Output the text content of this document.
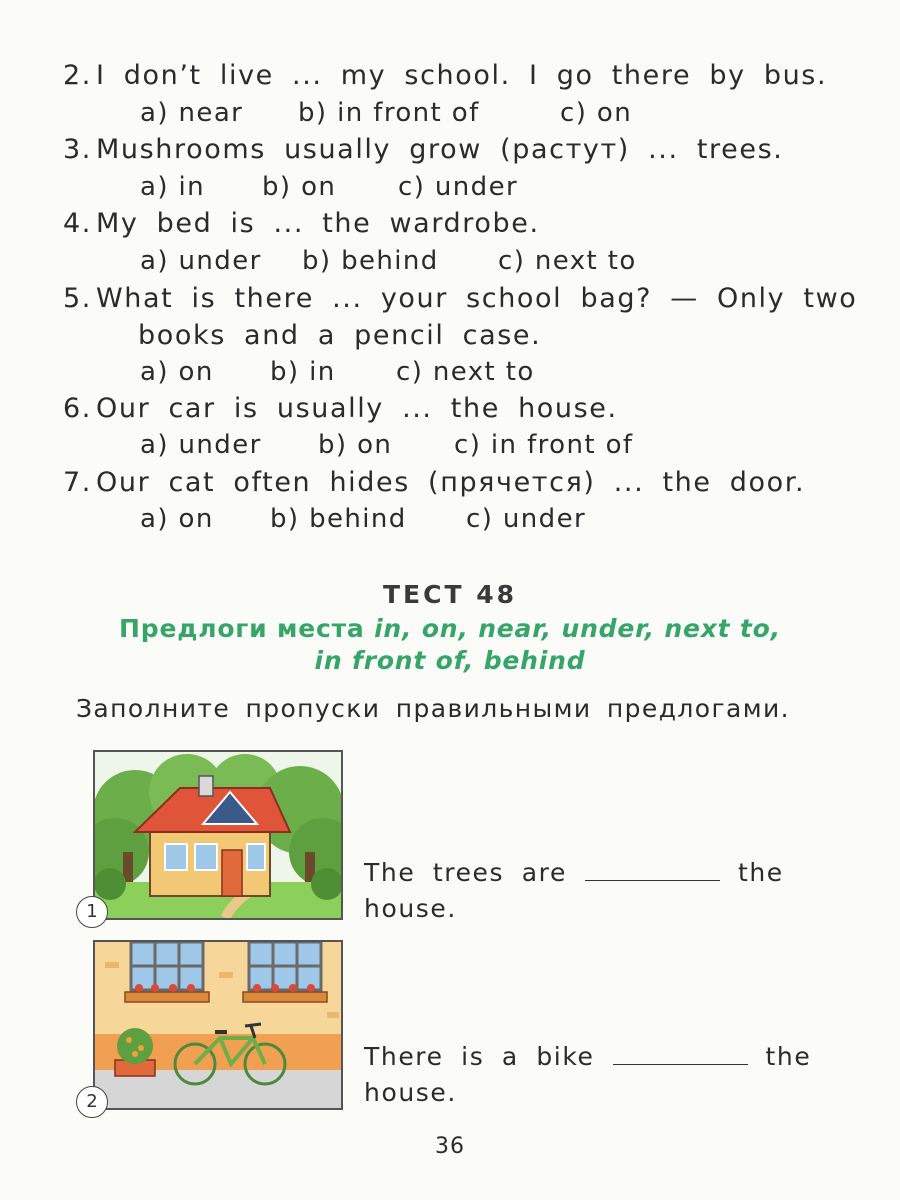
2. I don’t live ... my school. I go there by bus.
a) near b) in front of	c) on
3. Mushrooms usually grow (растут) ... trees.
a) in b) on c) under
4. My bed is ... the wardrobe.
a) under b) behind c) next to
5. What is there ... your school bag? — Only two
books and a pencil case.
a) on b) in c) next to
6. Our car is usually ... the house.
a) under b) on c) in front of
7. Our cat often hides (прячется) ... the door.
a) on b) behind c) under
ТЕСТ 48
Предлоги места in, on, near, under, next to,
in front of, behind
Заполните пропуски правильными предлогами.
1
The trees are	the
house.
2
There is a bike	the
house.
36
